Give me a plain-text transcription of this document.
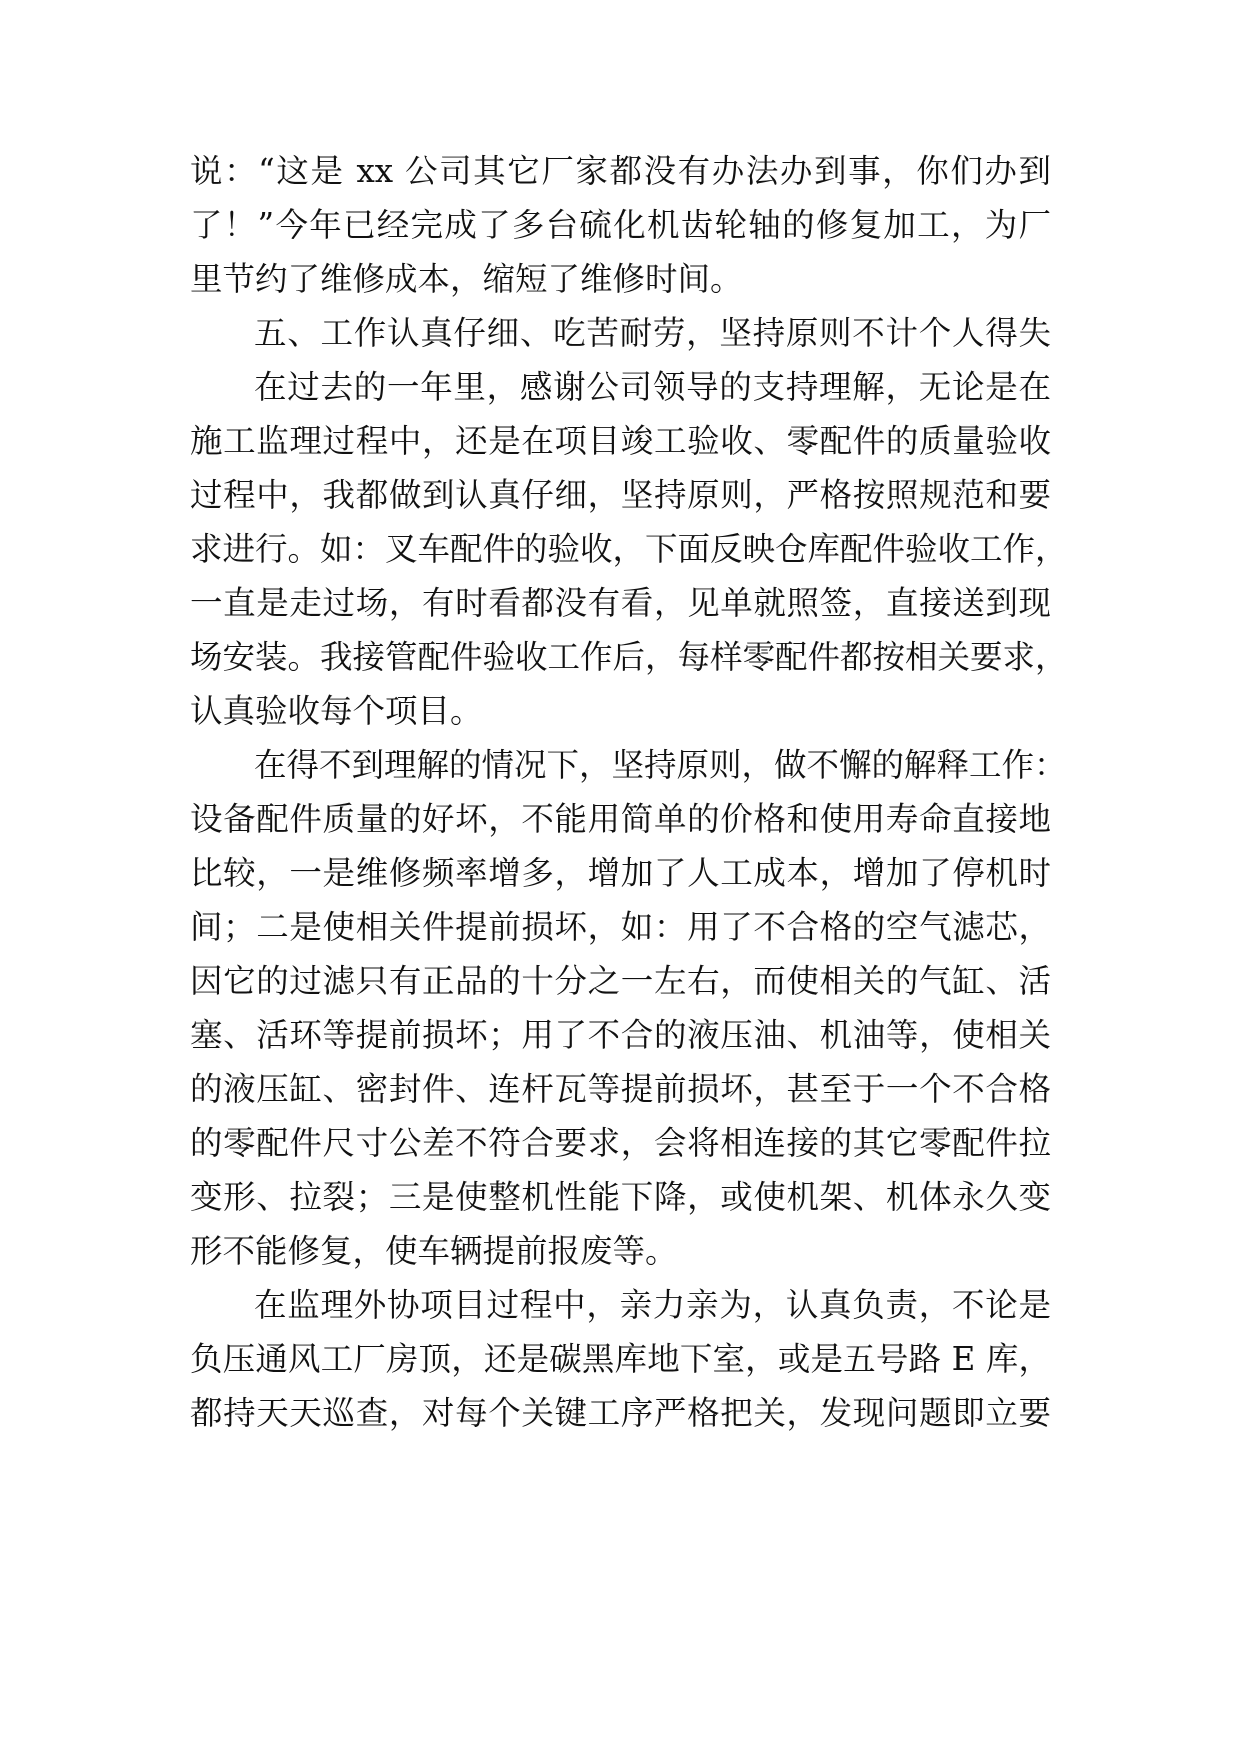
说：“这是 xx 公司其它厂家都没有办法办到事，你们办到
了！”今年已经完成了多台硫化机齿轮轴的修复加工，为厂
里节约了维修成本，缩短了维修时间。
五、工作认真仔细、吃苦耐劳，坚持原则不计个人得失
在过去的一年里，感谢公司领导的支持理解，无论是在
施工监理过程中，还是在项目竣工验收、零配件的质量验收
过程中，我都做到认真仔细，坚持原则，严格按照规范和要
求进行。如：叉车配件的验收，下面反映仓库配件验收工作，
一直是走过场，有时看都没有看，见单就照签，直接送到现
场安装。我接管配件验收工作后，每样零配件都按相关要求，
认真验收每个项目。
在得不到理解的情况下，坚持原则，做不懈的解释工作：
设备配件质量的好坏，不能用简单的价格和使用寿命直接地
比较，一是维修频率增多，增加了人工成本，增加了停机时
间；二是使相关件提前损坏，如：用了不合格的空气滤芯，
因它的过滤只有正品的十分之一左右，而使相关的气缸、活
塞、活环等提前损坏；用了不合的液压油、机油等，使相关
的液压缸、密封件、连杆瓦等提前损坏，甚至于一个不合格
的零配件尺寸公差不符合要求，会将相连接的其它零配件拉
变形、拉裂；三是使整机性能下降，或使机架、机体永久变
形不能修复，使车辆提前报废等。
在监理外协项目过程中，亲力亲为，认真负责，不论是
负压通风工厂房顶，还是碳黑库地下室，或是五号路 E 库，
都持天天巡查，对每个关键工序严格把关，发现问题即立要
